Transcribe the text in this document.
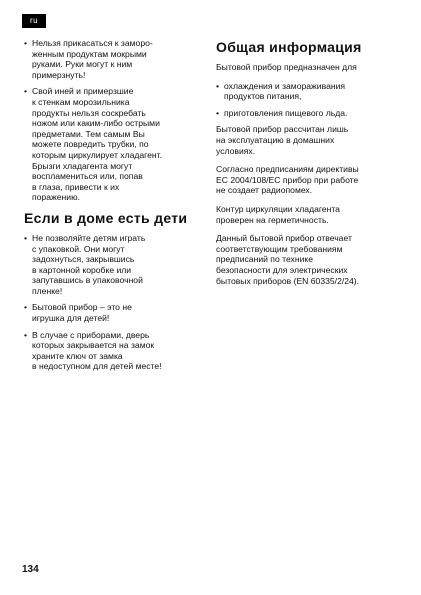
ru
• Нельзя прикасаться к заморо-
женным продуктам мокрыми
руками. Руки могут к ним
примерзнуть!
• Свой иней и примерзшие
к стенкам морозильника
продукты нельзя соскребать
ножом или каким-либо острыми
предметами. Тем самым Вы
можете повредить трубки, по
которым циркулирует хладагент.
Брызги хладагента могут
воспламениться или, попав
в глаза, привести к их
поражению.
Если в доме есть дети
• Не позволяйте детям играть
с упаковкой. Они могут
задохнуться, закрывшись
в картонной коробке или
запутавшись в упаковочной
пленке!
• Бытовой прибор – это не
игрушка для детей!
• В случае с приборами, дверь
которых закрывается на замок
храните ключ от замка
в недоступном для детей месте!
Общая информация

Бытовой прибор предназначен для

• охлаждения и замораживания
продуктов питания,
• приготовления пищевого льда.

Бытовой прибор рассчитан лишь
на эксплуатацию в домашних
условиях.

Согласно предписаниям директивы
EC 2004/108/EC прибор при работе
не создает радиопомех.

Контур циркуляции хладагента
проверен на герметичность.

Данный бытовой прибор отвечает
соответствующим требованиям
предписаний по технике
безопасности для электрических
бытовых приборов (EN 60335/2/24).

134
